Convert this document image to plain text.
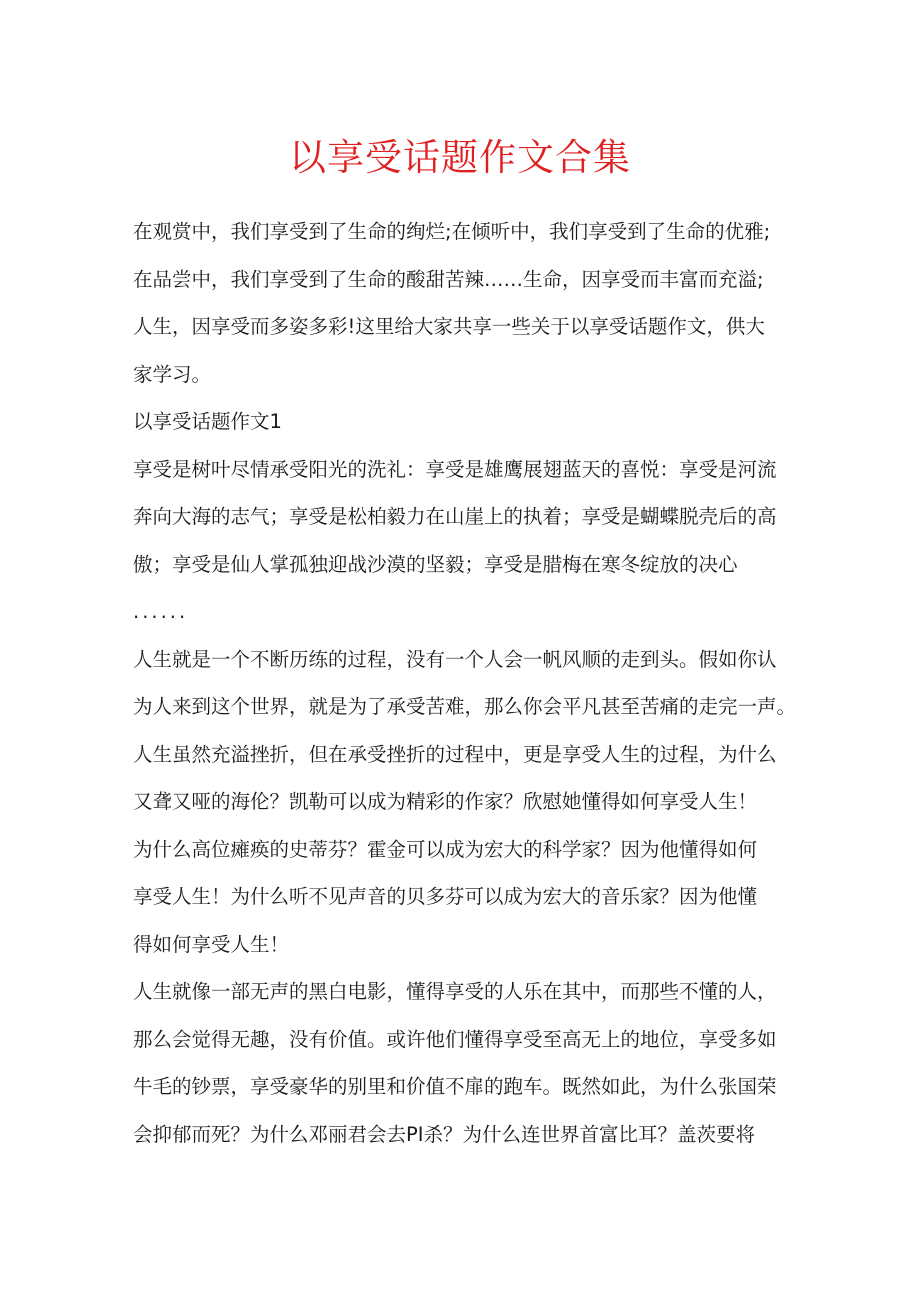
以享受话题作文合集
在观赏中，我们享受到了生命的绚烂;在倾听中，我们享受到了生命的优雅;
在品尝中，我们享受到了生命的酸甜苦辣……生命，因享受而丰富而充溢;
人生，因享受而多姿多彩!这里给大家共享一些关于以享受话题作文，供大
家学习。
以享受话题作文1
享受是树叶尽情承受阳光的洗礼：享受是雄鹰展翅蓝天的喜悦：享受是河流
奔向大海的志气；享受是松柏毅力在山崖上的执着；享受是蝴蝶脱壳后的高
傲；享受是仙人掌孤独迎战沙漠的坚毅；享受是腊梅在寒冬绽放的决心
......
人生就是一个不断历练的过程，没有一个人会一帆风顺的走到头。假如你认
为人来到这个世界，就是为了承受苦难，那么你会平凡甚至苦痛的走完一声。
人生虽然充溢挫折，但在承受挫折的过程中，更是享受人生的过程，为什么
又聋又哑的海伦？凯勒可以成为精彩的作家？欣慰她懂得如何享受人生！
为什么高位瘫痪的史蒂芬？霍金可以成为宏大的科学家？因为他懂得如何
享受人生！为什么听不见声音的贝多芬可以成为宏大的音乐家？因为他懂
得如何享受人生！
人生就像一部无声的黑白电影，懂得享受的人乐在其中，而那些不懂的人，
那么会觉得无趣，没有价值。或许他们懂得享受至高无上的地位，享受多如
牛毛的钞票，享受豪华的别里和价值不扉的跑车。既然如此，为什么张国荣
会抑郁而死？为什么邓丽君会去PI杀？为什么连世界首富比耳？盖茨要将
